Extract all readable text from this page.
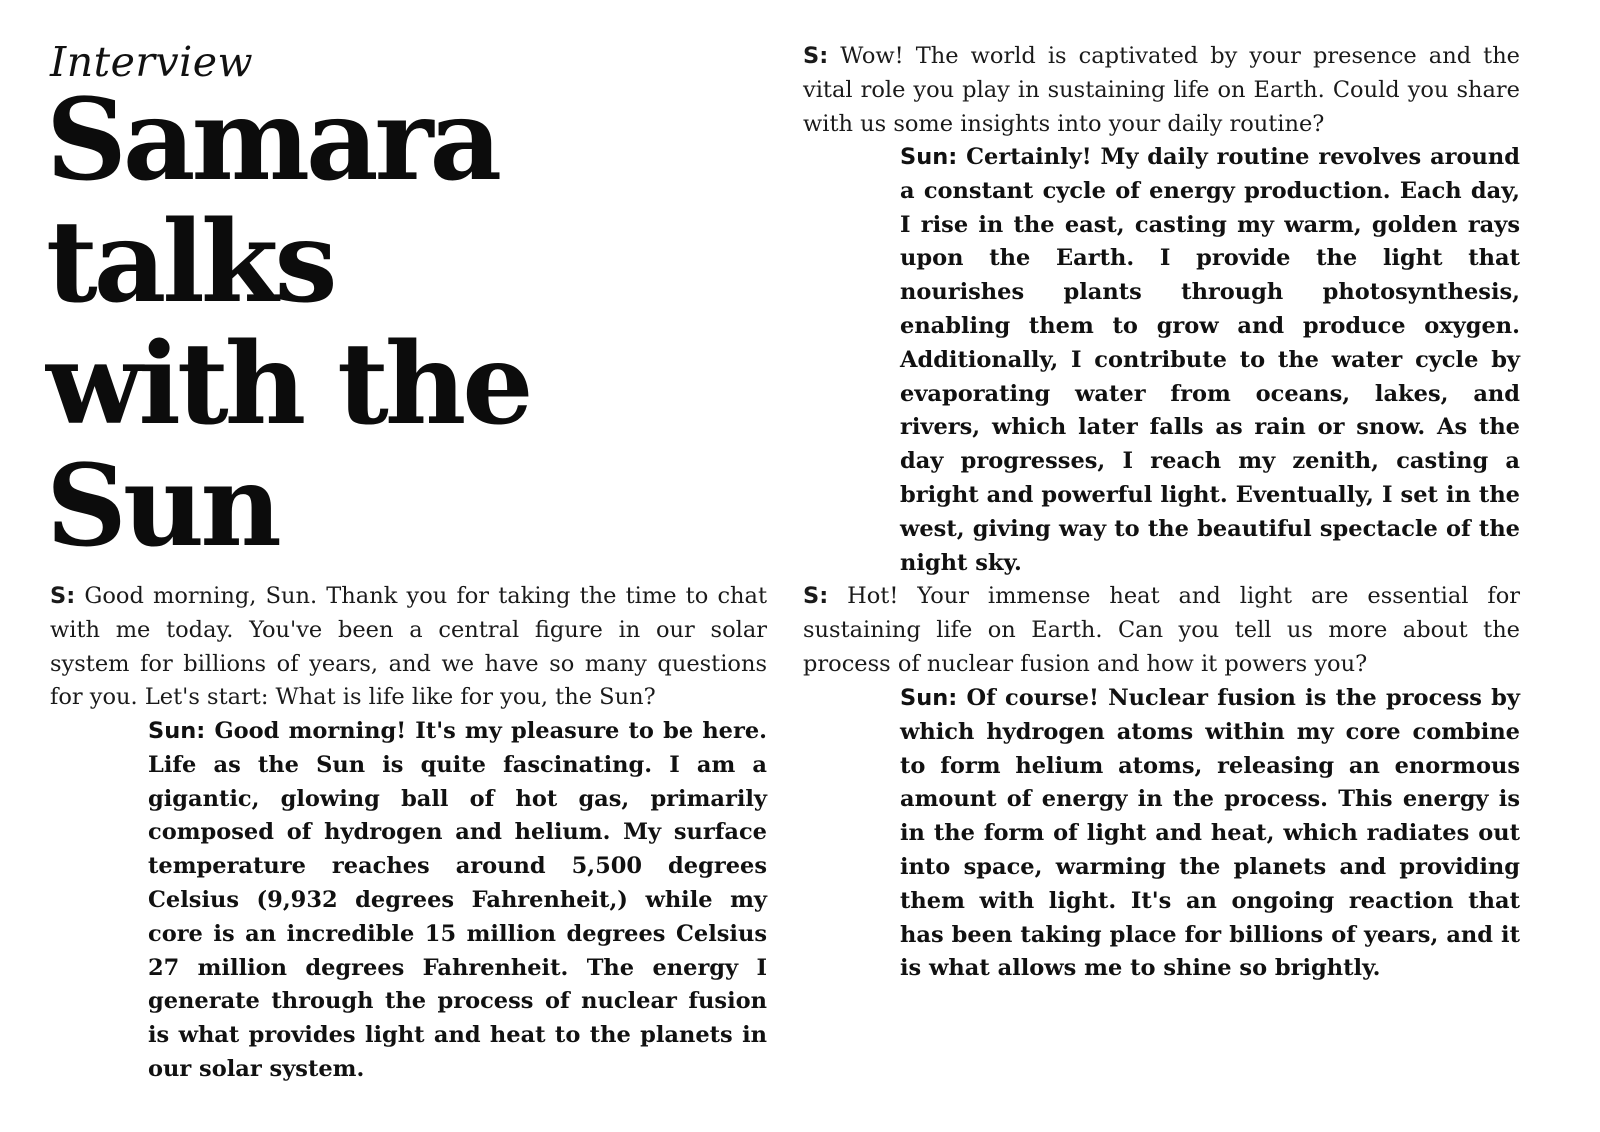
Interview
Samara
talks
with the
Sun

S: Good morning, Sun. Thank you for taking the time to chat with me today. You've been a central figure in our solar system for billions of years, and we have so many questions for you. Let's start: What is life like for you, the Sun?

Sun: Good morning! It's my pleasure to be here. Life as the Sun is quite fascinating. I am a gigantic, glowing ball of hot gas, primarily composed of hydrogen and helium. My surface temperature reaches around 5,500 degrees Celsius (9,932 degrees Fahrenheit,) while my core is an incredible 15 million degrees Celsius 27 million degrees Fahrenheit. The energy I generate through the process of nuclear fusion is what provides light and heat to the planets in our solar system.

S: Wow! The world is captivated by your presence and the vital role you play in sustaining life on Earth. Could you share with us some insights into your daily routine?

Sun: Certainly! My daily routine revolves around a constant cycle of energy production. Each day, I rise in the east, casting my warm, golden rays upon the Earth. I provide the light that nourishes plants through photosynthesis, enabling them to grow and produce oxygen. Additionally, I contribute to the water cycle by evaporating water from oceans, lakes, and rivers, which later falls as rain or snow. As the day progresses, I reach my zenith, casting a bright and powerful light. Eventually, I set in the west, giving way to the beautiful spectacle of the night sky.

S: Hot! Your immense heat and light are essential for sustaining life on Earth. Can you tell us more about the process of nuclear fusion and how it powers you?

Sun: Of course! Nuclear fusion is the process by which hydrogen atoms within my core combine to form helium atoms, releasing an enormous amount of energy in the process. This energy is in the form of light and heat, which radiates out into space, warming the planets and providing them with light. It's an ongoing reaction that has been taking place for billions of years, and it is what allows me to shine so brightly.
